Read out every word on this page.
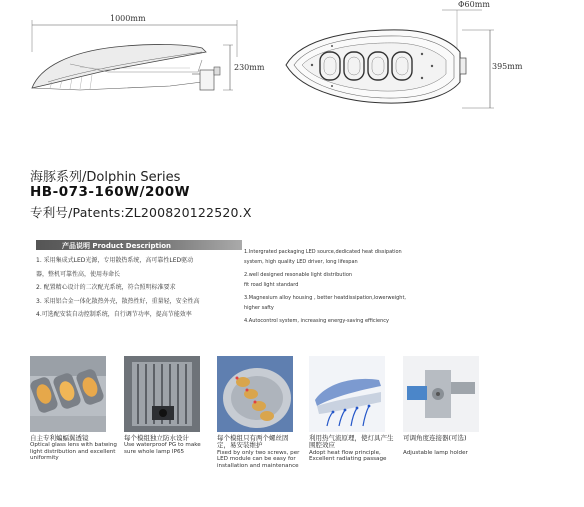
1000mm
230mm
Φ60mm
395mm
海豚系列/Dolphin Series
HB-073-160W/200W
专利号/Patents:ZL200820122520.X
产品说明 Product Description
1. 采用集成式LED光源，专用散热系统，高可靠性LED驱动
器，整机可靠性高，使用寿命长
2. 配置精心设计的二次配光系统，符合照明标准要求
3. 采用铝合金一体化散热外壳，散热性好，重量轻，安全性高
4.可选配安装自动控制系统，自行调节功率，提高节能效率
1.Intergrated packaging LED source,dedicated heat dissipation
system, high quality LED driver, long lifespan
2.well designed resonable light distribution
fit road light standard
3.Magnesium alloy housing , better heatdissipation,lowerweight,
higher safty
4.Autocontrol system, increasing energy-saving efficiency
自主专利蝙蝠翼透镜
Optical glass lens with batwing light distribution and excellent uniformity
每个模组独立防水设计
Use waterproof PG to make sure whole lamp IP65
每个模组只有两个螺丝固定，易安装维护
Fixed by only two screws, per LED module can be easy for installation and maintenance
利用热气流原理，使灯具产生围腔效应
Adopt heat flow principle, Excellent radiating passage
可调角度连接器(可选)
Adjustable lamp holder
